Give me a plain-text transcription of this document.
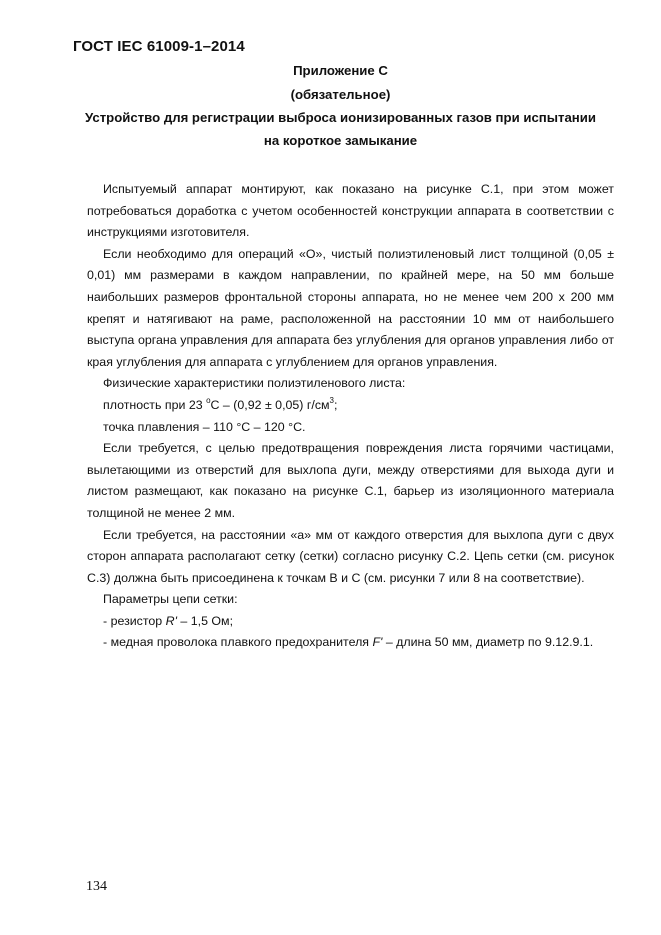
ГОСТ IEC 61009-1–2014
Приложение С
(обязательное)
Устройство для регистрации выброса ионизированных газов при испытании
на короткое замыкание

Испытуемый аппарат монтируют, как показано на рисунке С.1, при этом может потребоваться доработка с учетом особенностей конструкции аппарата в соответствии с инструкциями изготовителя.

Если необходимо для операций «О», чистый полиэтиленовый лист толщиной (0,05 ± 0,01) мм размерами в каждом направлении, по крайней мере, на 50 мм больше наибольших размеров фронтальной стороны аппарата, но не менее чем 200 х 200 мм крепят и натягивают на раме, расположенной на расстоянии 10 мм от наибольшего выступа органа управления для аппарата без углубления для органов управления либо от края углубления для аппарата с углублением для органов управления.

Физические характеристики полиэтиленового листа:

плотность при 23 $^o$С – (0,92 ± 0,05) $г/см^3$;

точка плавления – 110 °С – 120 °С.

Если требуется, с целью предотвращения повреждения листа горячими частицами, вылетающими из отверстий для выхлопа дуги, между отверстиями для выхода дуги и листом размещают, как показано на рисунке С.1, барьер из изоляционного материала толщиной не менее 2 мм.

Если требуется, на расстоянии «а» мм от каждого отверстия для выхлопа дуги с двух сторон аппарата располагают сетку (сетки) согласно рисунку С.2. Цепь сетки (см. рисунок С.3) должна быть присоединена к точкам В и С (см. рисунки 7 или 8 на соответствие).

Параметры цепи сетки:

- резистор R' – 1,5 Ом;

- медная проволока плавкого предохранителя F' – длина 50 мм, диаметр по 9.12.9.1.

134
